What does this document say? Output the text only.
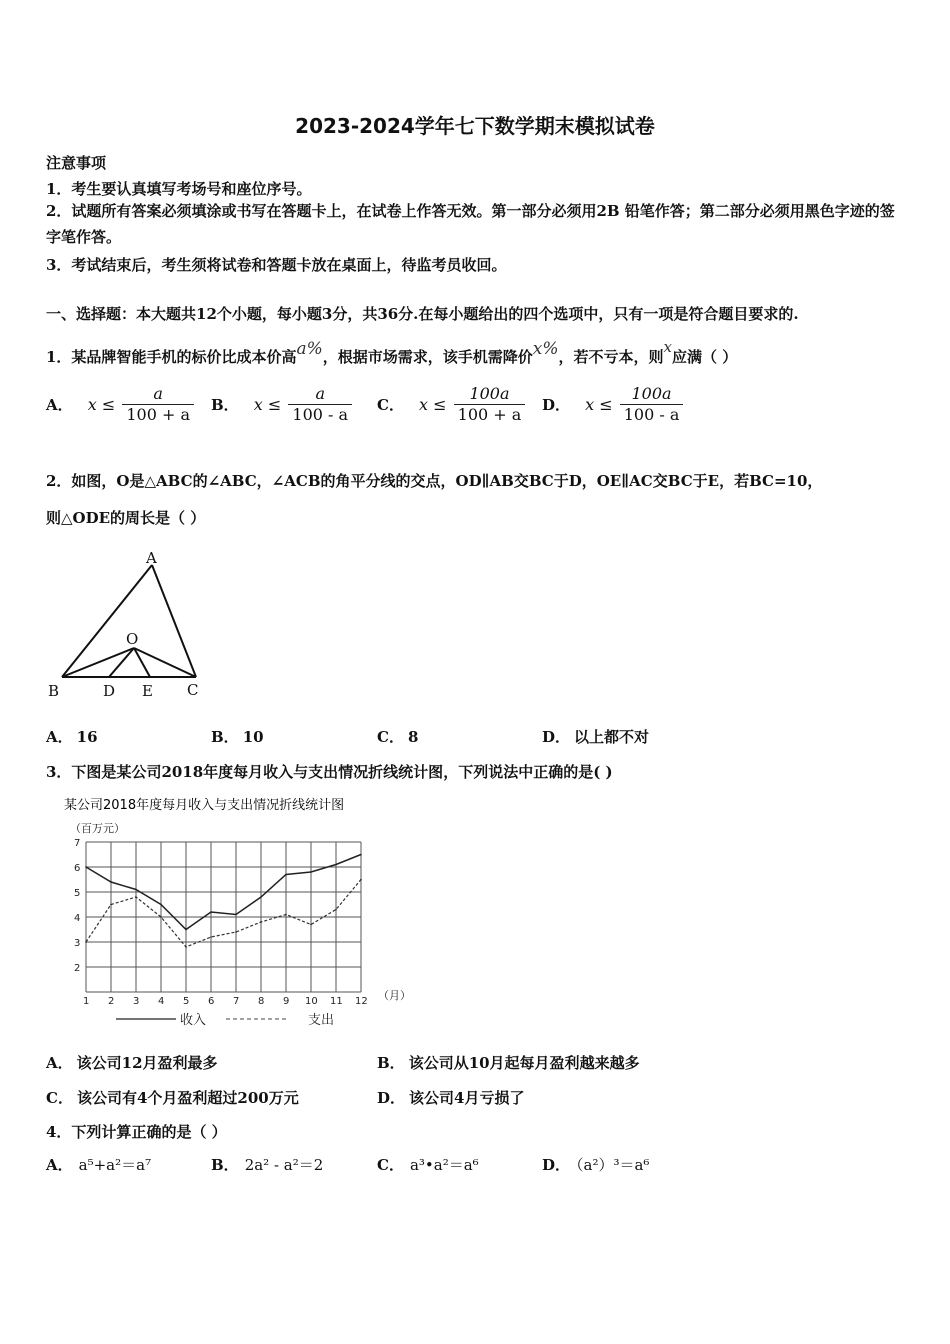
2023-2024学年七下数学期末模拟试卷
注意事项
1．考生要认真填写考场号和座位序号。
2．试题所有答案必须填涂或书写在答题卡上，在试卷上作答无效。第一部分必须用2B 铅笔作答；第二部分必须用黑色字迹的签字笔作答。
3．考试结束后，考生须将试卷和答题卡放在桌面上，待监考员收回。
一、选择题：本大题共12个小题，每小题3分，共36分.在每小题给出的四个选项中，只有一项是符合题目要求的.
1．某品牌智能手机的标价比成本价高a%，根据市场需求，该手机需降价x%，若不亏本，则x应满（ ）
A． $x \le \frac{a}{100 + a}$ B． $x \le \frac{a}{100 - a}$ C． $x \le \frac{100a}{100 + a}$ D． $x \le \frac{100a}{100 - a}$
2．如图，O是△ABC的∠ABC，∠ACB的角平分线的交点，OD∥AB交BC于D，OE∥AC交BC于E，若BC=10，
则△ODE的周长是（ ）
A
B	C
D E
O
A． 16	B． 10	C． 8	D． 以上都不对
3．下图是某公司2018年度每月收入与支出情况折线统计图，下列说法中正确的是( )
某公司2018年度每月收入与支出情况折线统计图
（百万元）
2
3
4
5
6
7
1 2 3 4 5 6 7 8 9 10 11 12 （月）
收入	支出
A． 该公司12月盈利最多	B． 该公司从10月起每月盈利越来越多
C． 该公司有4个月盈利超过200万元	D． 该公司4月亏损了
4．下列计算正确的是（ ）
A． a⁵+a²＝a⁷	B． 2a² - a²＝2	C． a³•a²＝a⁶	D． （a²）³＝a⁶
